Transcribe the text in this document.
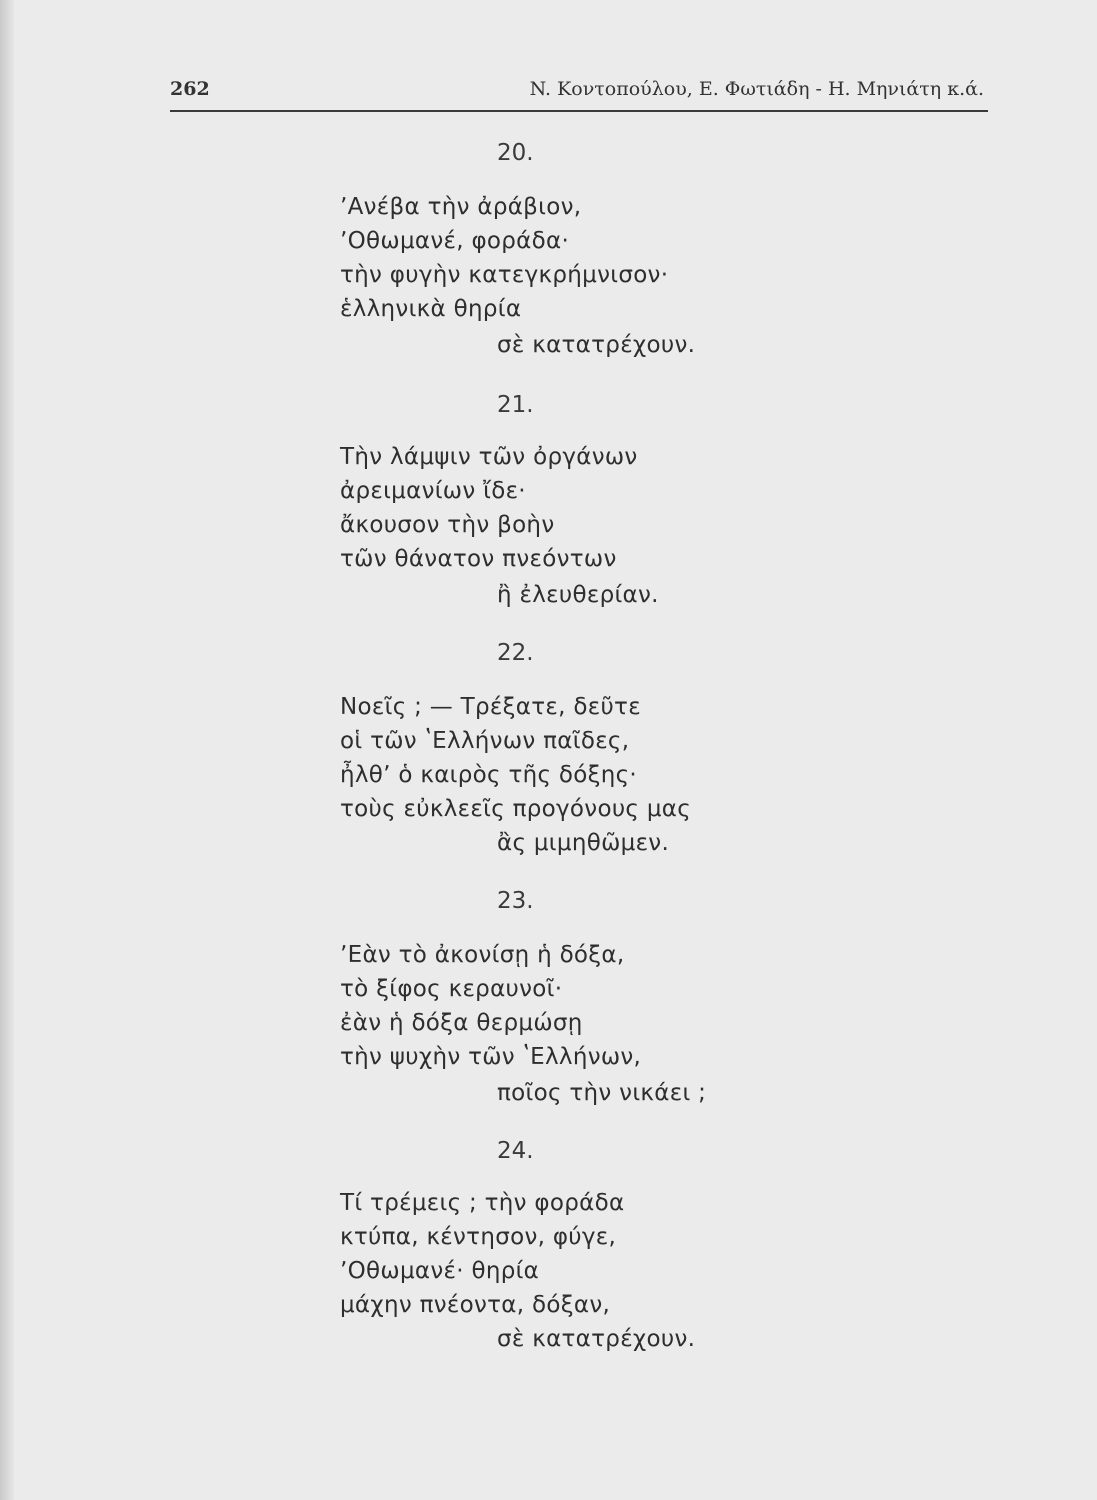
262	N. Κοντοπούλου, Ε. Φωτιάδη - Η. Μηνιάτη κ.ά.
20.
ʼΑνέβα τὴν ἀράβιον,
ʼΟθωμανέ, φοράδα·
τὴν φυγὴν κατεγκρήμνισον·
ἑλληνικὰ θηρία
σὲ κατατρέχουν.
21.
Τὴν λάμψιν τῶν ὀργάνων
ἀρειμανίων ἴδε·
ἄκουσον τὴν βοὴν
τῶν θάνατον πνεόντων
ἢ ἐλευθερίαν.
22.
Νοεῖς ; — Τρέξατε, δεῦτε
οἱ τῶν ʽΕλλήνων παῖδες,
ἦλθʼ ὁ καιρὸς τῆς δόξης·
τοὺς εὐκλεεῖς προγόνους μας
ἂς μιμηθῶμεν.
23.
ʼΕὰν τὸ ἀκονίσῃ ἡ δόξα,
τὸ ξίφος κεραυνοῖ·
ἐὰν ἡ δόξα θερμώσῃ
τὴν ψυχὴν τῶν ʽΕλλήνων,
ποῖος τὴν νικάει ;
24.
Τί τρέμεις ; τὴν φοράδα
κτύπα, κέντησον, φύγε,
ʼΟθωμανέ· θηρία
μάχην πνέοντα, δόξαν,
σὲ κατατρέχουν.
